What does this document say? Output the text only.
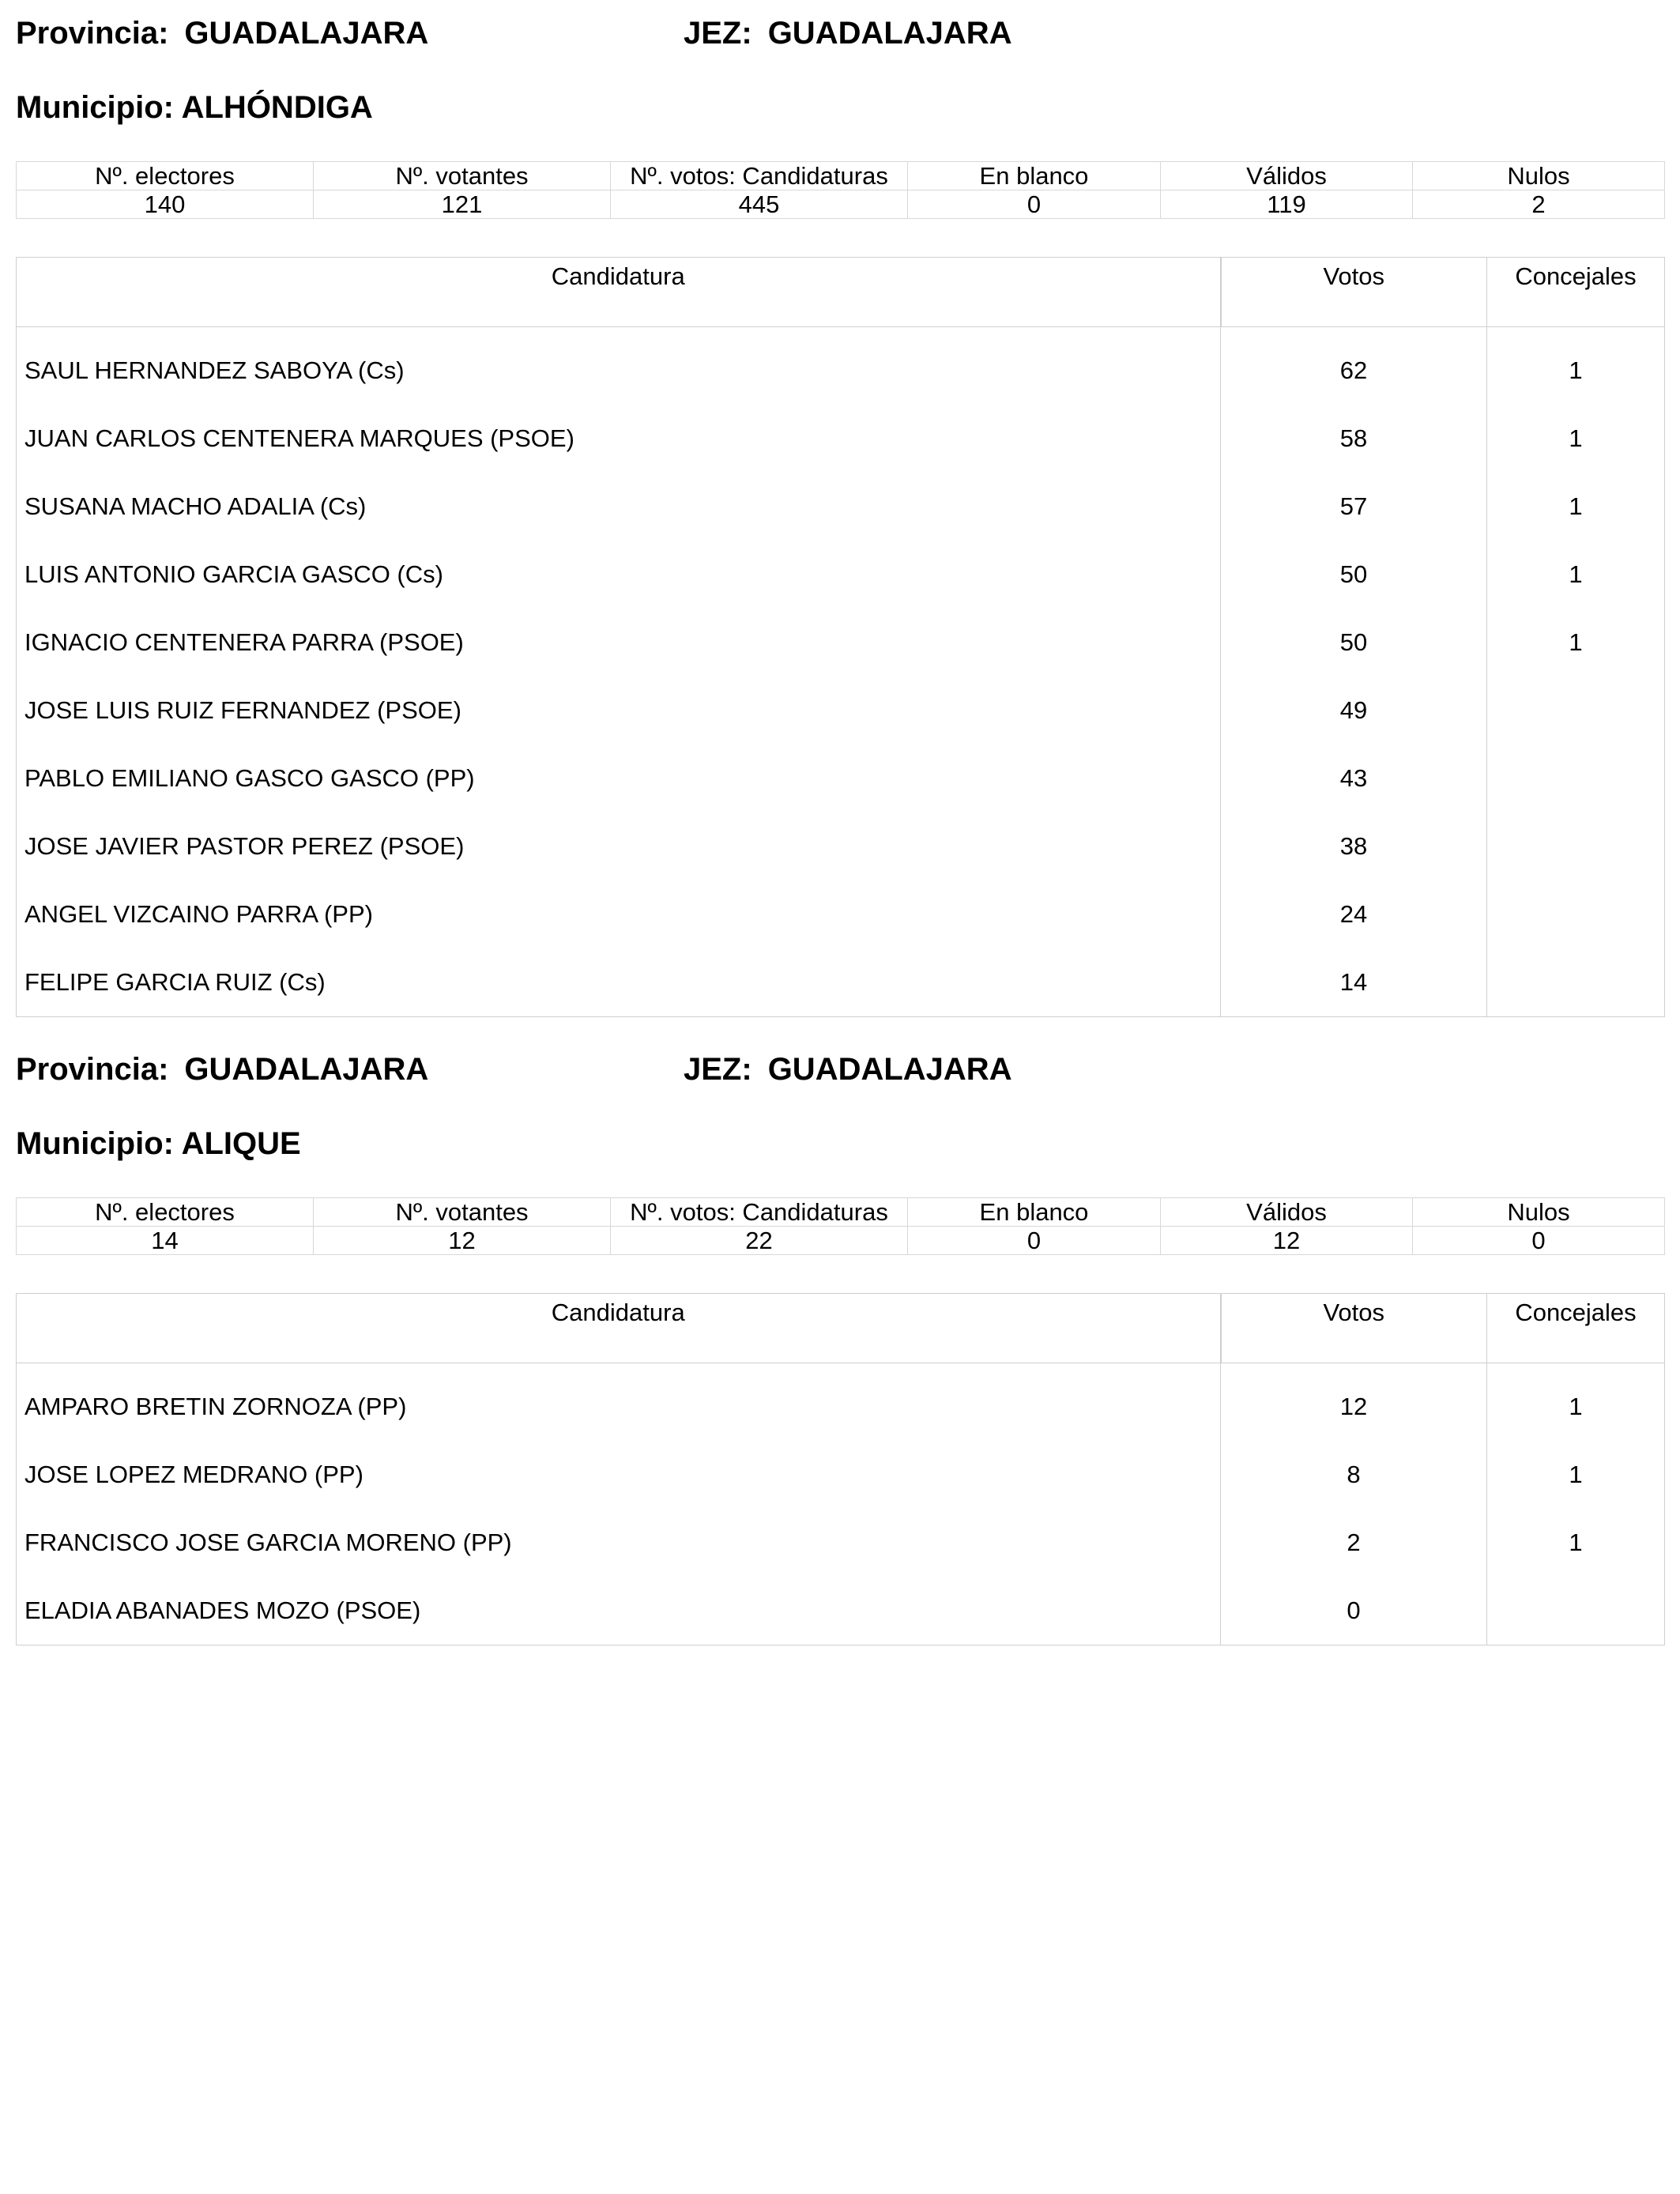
Provincia: GUADALAJARA	JEZ: GUADALAJARA
Municipio: ALHÓNDIGA
Nº. electores	Nº. votantes	Nº. votos: Candidaturas	En blanco	Válidos	Nulos
140	121	445	0	119	2
Candidatura	Votos	Concejales
SAUL HERNANDEZ SABOYA (Cs)	62	1
JUAN CARLOS CENTENERA MARQUES (PSOE)	58	1
SUSANA MACHO ADALIA (Cs)	57	1
LUIS ANTONIO GARCIA GASCO (Cs)	50	1
IGNACIO CENTENERA PARRA (PSOE)	50	1
JOSE LUIS RUIZ FERNANDEZ (PSOE)	49	
PABLO EMILIANO GASCO GASCO (PP)	43	
JOSE JAVIER PASTOR PEREZ (PSOE)	38	
ANGEL VIZCAINO PARRA (PP)	24	
FELIPE GARCIA RUIZ (Cs)	14	
Provincia: GUADALAJARA	JEZ: GUADALAJARA
Municipio: ALIQUE
Nº. electores	Nº. votantes	Nº. votos: Candidaturas	En blanco	Válidos	Nulos
14	12	22	0	12	0
Candidatura	Votos	Concejales
AMPARO BRETIN ZORNOZA (PP)	12	1
JOSE LOPEZ MEDRANO (PP)	8	1
FRANCISCO JOSE GARCIA MORENO (PP)	2	1
ELADIA ABANADES MOZO (PSOE)	0	
